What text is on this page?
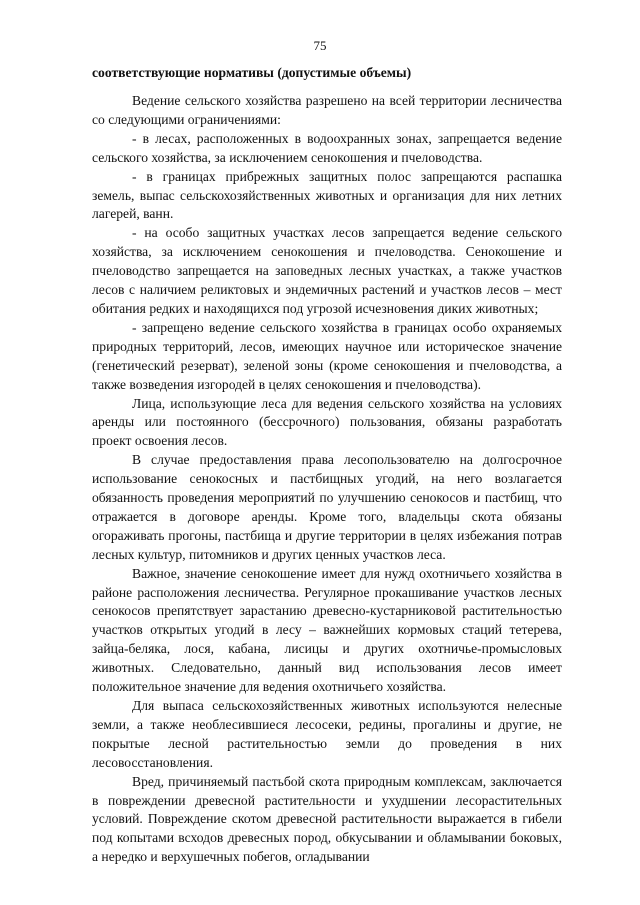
75

соответствующие нормативы (допустимые объемы)

Ведение сельского хозяйства разрешено на всей территории лесничества со следующими ограничениями:

- в лесах, расположенных в водоохранных зонах, запрещается ведение сельского хозяйства, за исключением сенокошения и пчеловодства.

- в границах прибрежных защитных полос запрещаются распашка земель, выпас сельскохозяйственных животных и организация для них летних лагерей, ванн.

- на особо защитных участках лесов запрещается ведение сельского хозяйства, за исключением сенокошения и пчеловодства. Сенокошение и пчеловодство запрещается на заповедных лесных участках, а также участков лесов с наличием реликтовых и эндемичных растений и участков лесов – мест обитания редких и находящихся под угрозой исчезновения диких животных;

- запрещено ведение сельского хозяйства в границах особо охраняемых природных территорий, лесов, имеющих научное или историческое значение (генетический резерват), зеленой зоны (кроме сенокошения и пчеловодства, а также возведения изгородей в целях сенокошения и пчеловодства).

Лица, использующие леса для ведения сельского хозяйства на условиях аренды или постоянного (бессрочного) пользования, обязаны разработать проект освоения лесов.

В случае предоставления права лесопользователю на долгосрочное использование сенокосных и пастбищных угодий, на него возлагается обязанность проведения мероприятий по улучшению сенокосов и пастбищ, что отражается в договоре аренды. Кроме того, владельцы скота обязаны огораживать прогоны, пастбища и другие территории в целях избежания потрав лесных культур, питомников и других ценных участков леса.

Важное, значение сенокошение имеет для нужд охотничьего хозяйства в районе расположения лесничества. Регулярное прокашивание участков лесных сенокосов препятствует зарастанию древесно-кустарниковой растительностью участков открытых угодий в лесу – важнейших кормовых стаций тетерева, зайца-беляка, лося, кабана, лисицы и других охотничье-промысловых животных. Следовательно, данный вид использования лесов имеет положительное значение для ведения охотничьего хозяйства.

Для выпаса сельскохозяйственных животных используются нелесные земли, а также необлесившиеся лесосеки, редины, прогалины и другие, не покрытые лесной растительностью земли до проведения в них лесовосстановления.

Вред, причиняемый пастьбой скота природным комплексам, заключается в повреждении древесной растительности и ухудшении лесорастительных условий. Повреждение скотом древесной растительности выражается в гибели под копытами всходов древесных пород, обкусывании и обламывании боковых, а нередко и верхушечных побегов, огладывании
